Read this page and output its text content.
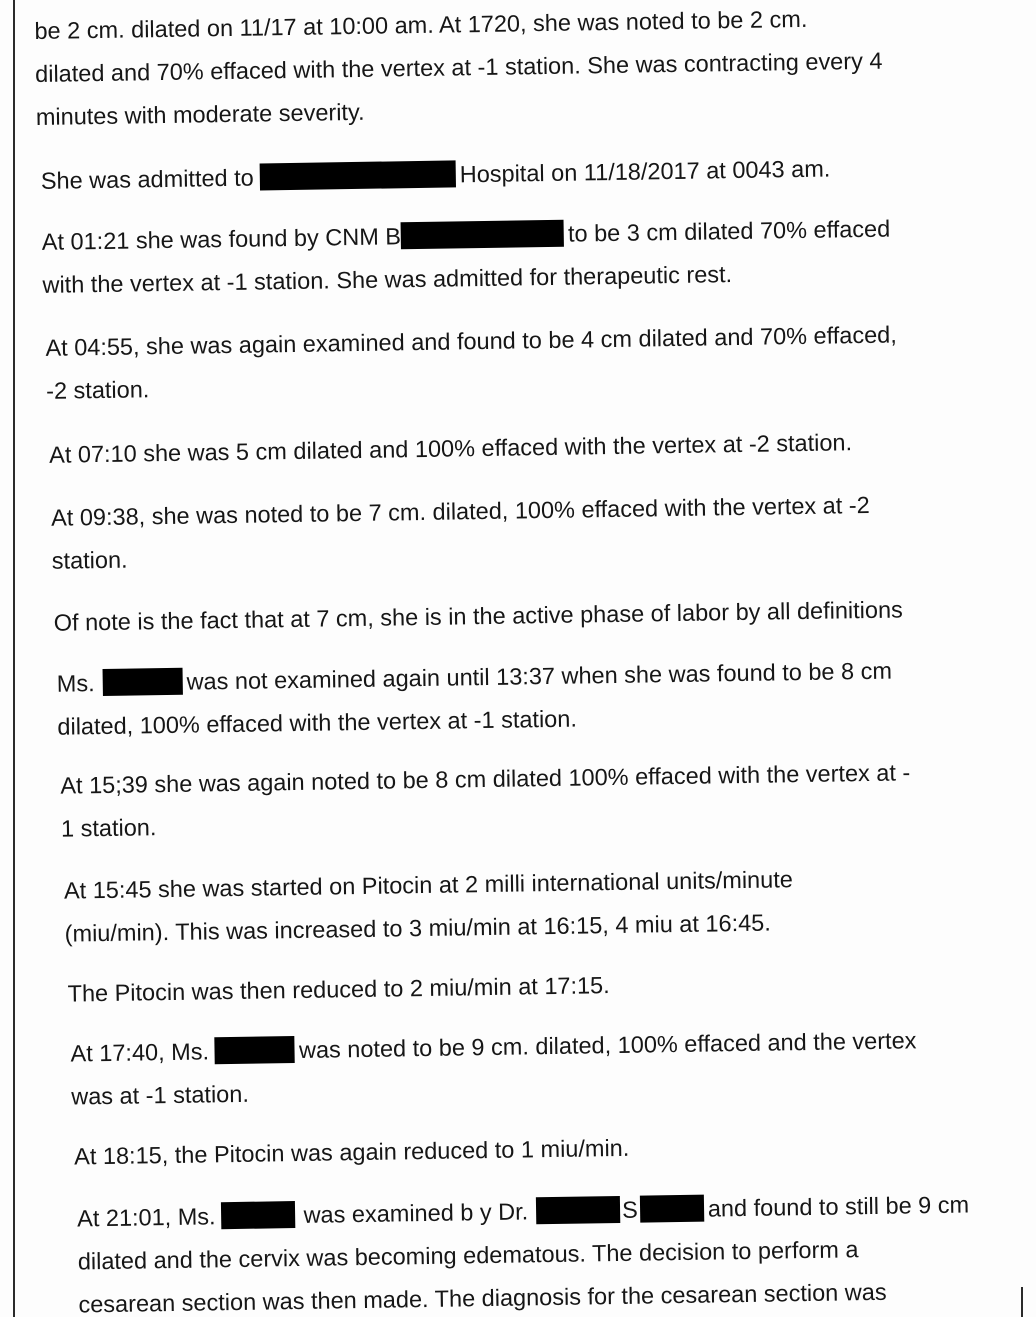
be 2 cm. dilated on 11/17 at 10:00 am. At 1720, she was noted to be 2 cm.

dilated and 70% effaced with the vertex at -1 station. She was contracting every 4

minutes with moderate severity.

She was admitted to	Hospital on 11/18/2017 at 0043 am.

At 01:21 she was found by CNM B	to be 3 cm dilated 70% effaced

with the vertex at -1 station. She was admitted for therapeutic rest.

At 04:55, she was again examined and found to be 4 cm dilated and 70% effaced,

-2 station.

At 07:10 she was 5 cm dilated and 100% effaced with the vertex at -2 station.

At 09:38, she was noted to be 7 cm. dilated, 100% effaced with the vertex at -2

station.

Of note is the fact that at 7 cm, she is in the active phase of labor by all definitions

Ms.	was not examined again until 13:37 when she was found to be 8 cm

dilated, 100% effaced with the vertex at -1 station.

At 15;39 she was again noted to be 8 cm dilated 100% effaced with the vertex at -

1 station.

At 15:45 she was started on Pitocin at 2 milli international units/minute

(miu/min). This was increased to 3 miu/min at 16:15, 4 miu at 16:45.

The Pitocin was then reduced to 2 miu/min at 17:15.

At 17:40, Ms.	was noted to be 9 cm. dilated, 100% effaced and the vertex

was at -1 station.

At 18:15, the Pitocin was again reduced to 1 miu/min.

At 21:01, Ms.	was examined b y Dr.	S	and found to still be 9 cm

dilated and the cervix was becoming edematous. The decision to perform a

cesarean section was then made. The diagnosis for the cesarean section was
